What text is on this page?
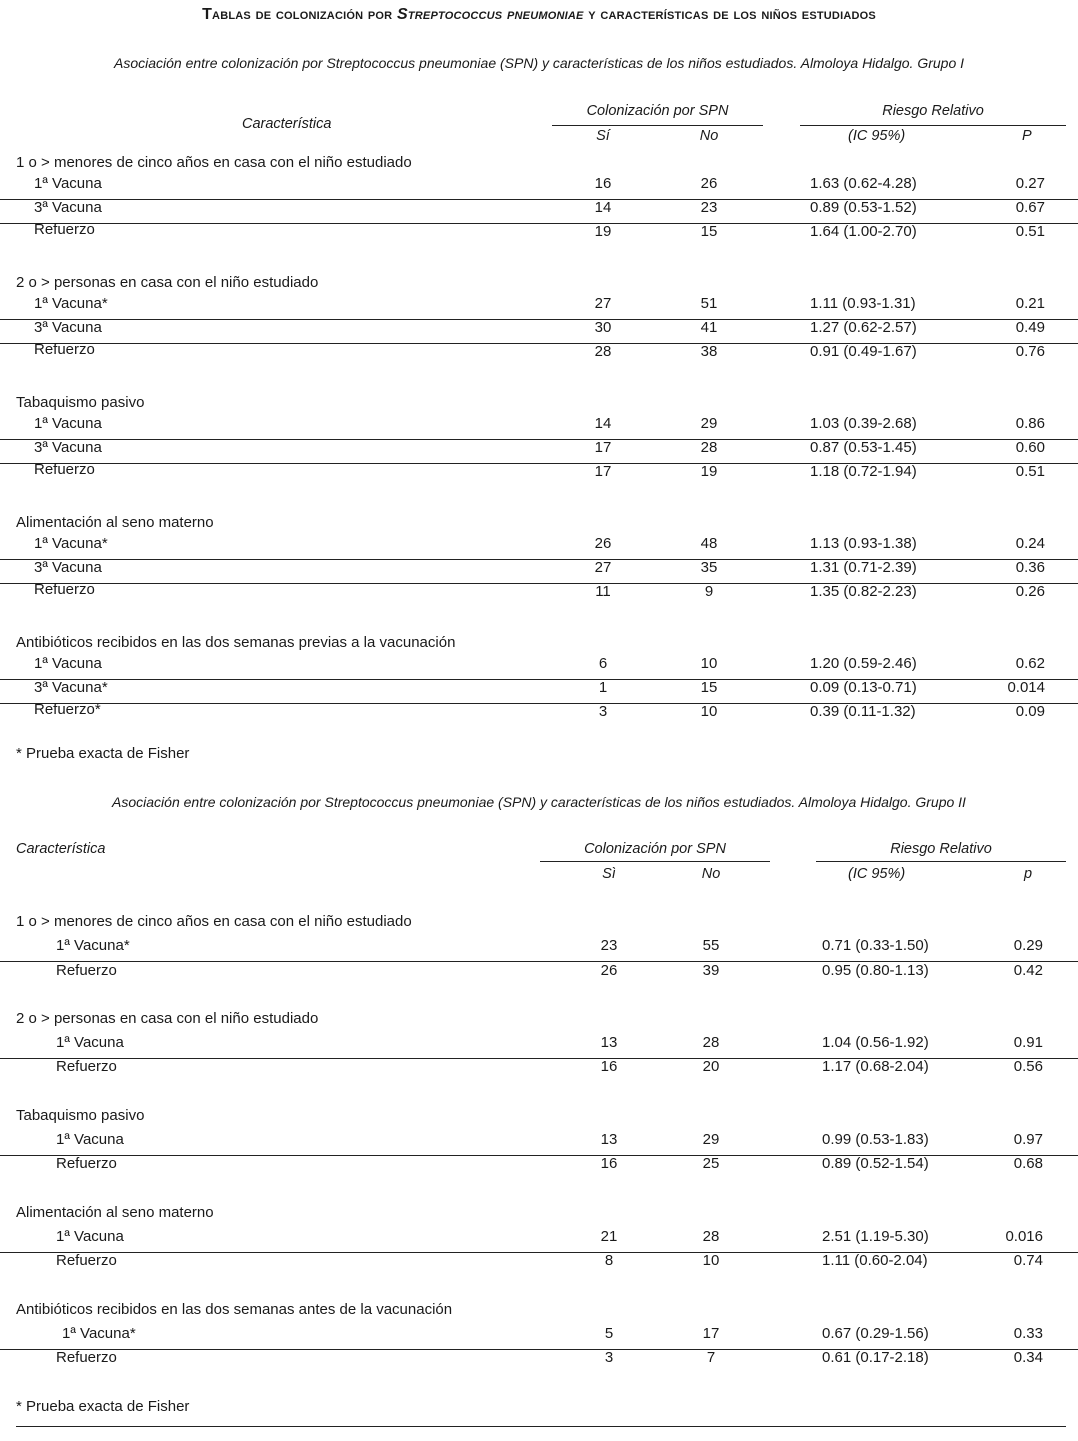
Tablas de colonización por Streptococcus pneumoniae y características de los niños estudiados
Asociación entre colonización por Streptococcus pneumoniae (SPN) y características de los niños estudiados. Almoloya Hidalgo. Grupo I
Característica
Colonización por SPN	Riesgo Relativo
Sí	No	(IC 95%)	P
1 o > menores de cinco años en casa con el niño estudiado
1ª Vacuna	16	26	1.63 (0.62-4.28)	0.27
3ª Vacuna	14	23	0.89 (0.53-1.52)	0.67
Refuerzo	19	15	1.64 (1.00-2.70)	0.51
2 o > personas en casa con el niño estudiado
1ª Vacuna*	27	51	1.11 (0.93-1.31)	0.21
3ª Vacuna	30	41	1.27 (0.62-2.57)	0.49
Refuerzo	28	38	0.91 (0.49-1.67)	0.76
Tabaquismo pasivo
1ª Vacuna	14	29	1.03 (0.39-2.68)	0.86
3ª Vacuna	17	28	0.87 (0.53-1.45)	0.60
Refuerzo	17	19	1.18 (0.72-1.94)	0.51
Alimentación al seno materno
1ª Vacuna*	26	48	1.13 (0.93-1.38)	0.24
3ª Vacuna	27	35	1.31 (0.71-2.39)	0.36
Refuerzo	11	9	1.35 (0.82-2.23)	0.26
Antibióticos recibidos en las dos semanas previas a la vacunación
1ª Vacuna	6	10	1.20 (0.59-2.46)	0.62
3ª Vacuna*	1	15	0.09 (0.13-0.71)	0.014
Refuerzo*	3	10	0.39 (0.11-1.32)	0.09
* Prueba exacta de Fisher
Asociación entre colonización por Streptococcus pneumoniae (SPN) y características de los niños estudiados. Almoloya Hidalgo. Grupo II
Característica	Colonización por SPN	Riesgo Relativo
Sì	No	(IC 95%)	p
1 o > menores de cinco años en casa con el niño estudiado
1ª Vacuna*	23	55	0.71 (0.33-1.50)	0.29
Refuerzo	26	39	0.95 (0.80-1.13)	0.42
2 o > personas en casa con el niño estudiado
1ª Vacuna	13	28	1.04 (0.56-1.92)	0.91
Refuerzo	16	20	1.17 (0.68-2.04)	0.56
Tabaquismo pasivo
1ª Vacuna	13	29	0.99 (0.53-1.83)	0.97
Refuerzo	16	25	0.89 (0.52-1.54)	0.68
Alimentación al seno materno
1ª Vacuna	21	28	2.51 (1.19-5.30)	0.016
Refuerzo	8	10	1.11 (0.60-2.04)	0.74
Antibióticos recibidos en las dos semanas antes de la vacunación
1ª Vacuna*	5	17	0.67 (0.29-1.56)	0.33
Refuerzo	3	7	0.61 (0.17-2.18)	0.34
* Prueba exacta de Fisher
